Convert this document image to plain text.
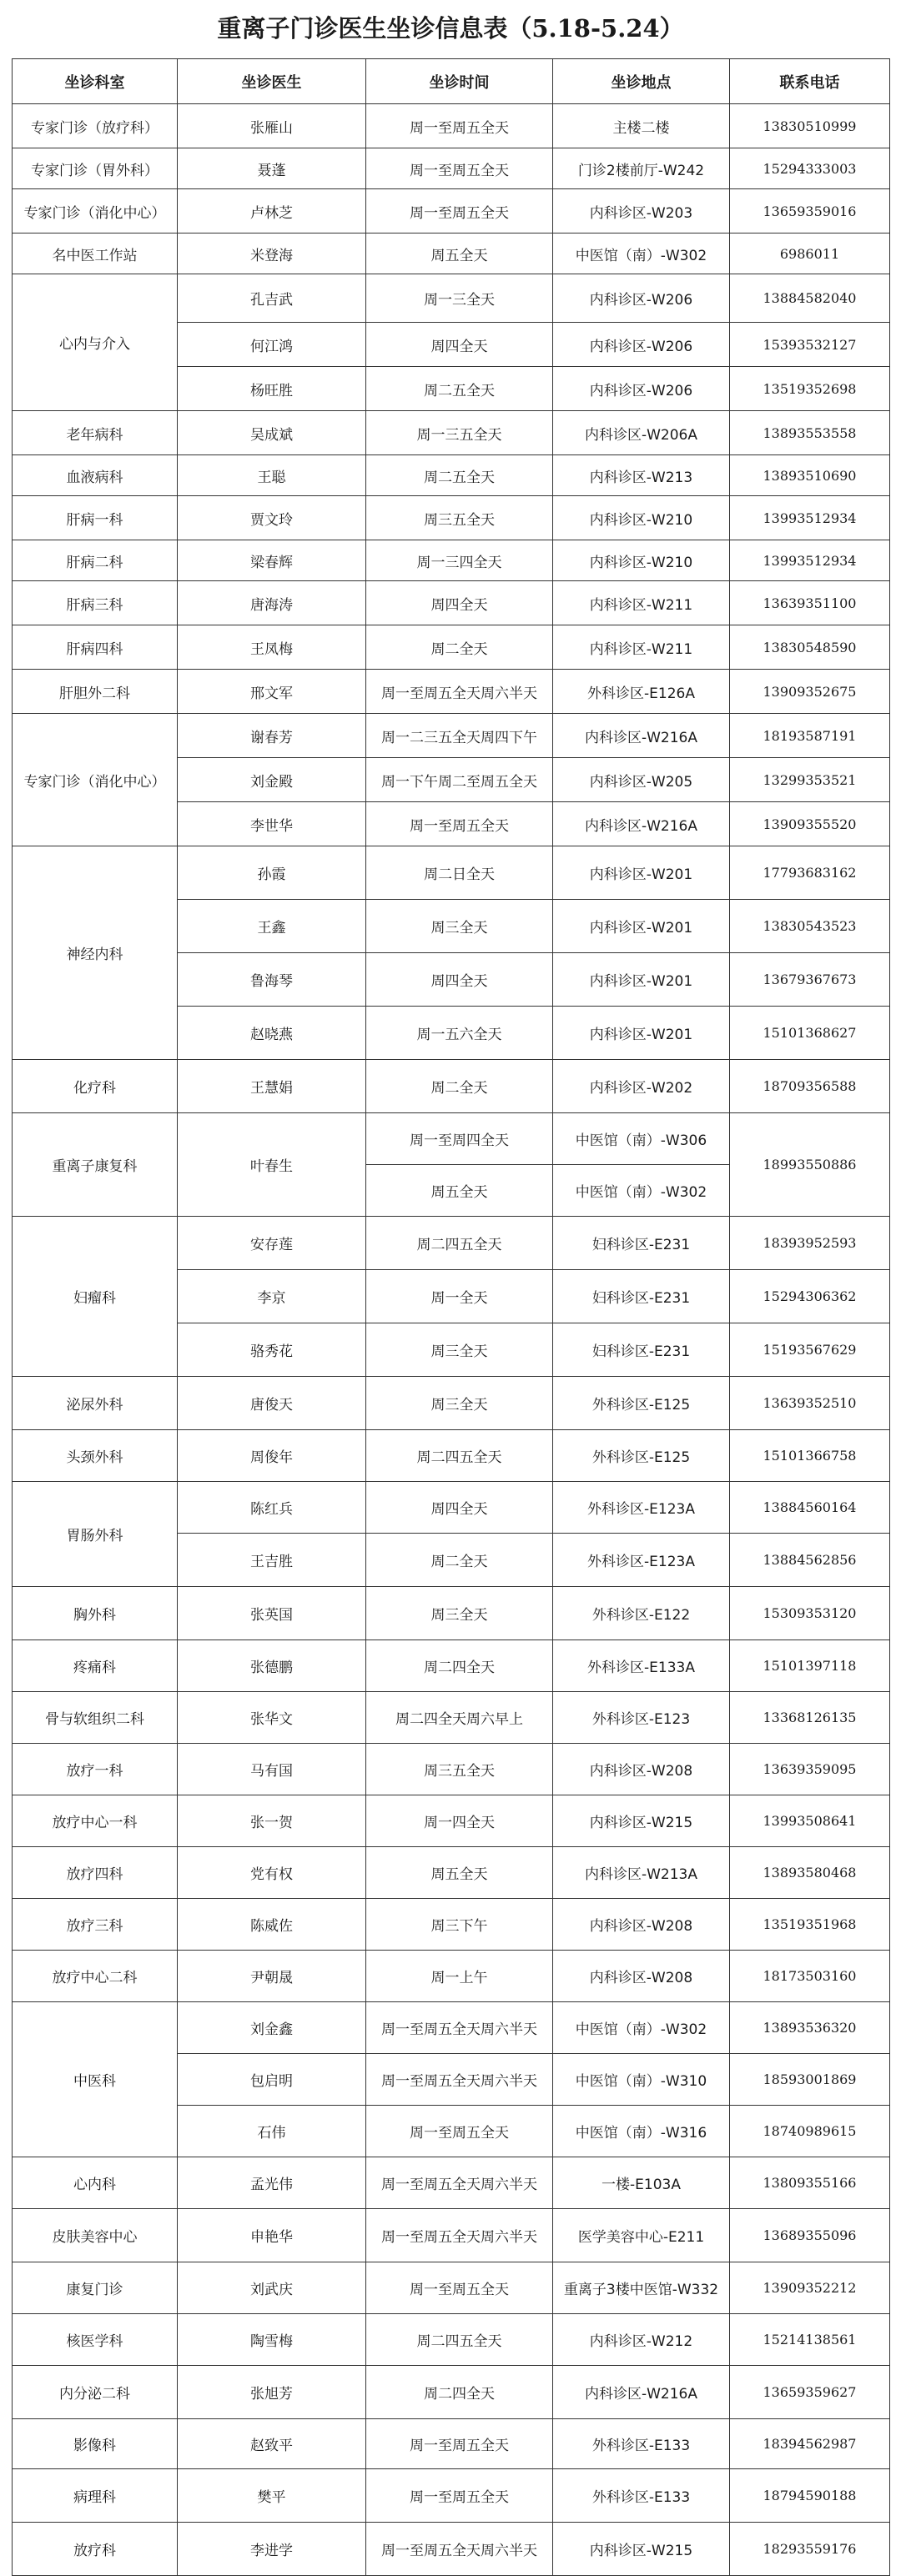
重离子门诊医生坐诊信息表（5.18-5.24）
坐诊科室	坐诊医生	坐诊时间	坐诊地点	联系电话
专家门诊（放疗科）	张雁山	周一至周五全天	主楼二楼	13830510999
专家门诊（胃外科）	聂蓬	周一至周五全天	门诊2楼前厅-W242	15294333003
专家门诊（消化中心）	卢林芝	周一至周五全天	内科诊区-W203	13659359016
名中医工作站	米登海	周五全天	中医馆（南）-W302	6986011
心内与介入	孔吉武	周一三全天	内科诊区-W206	13884582040
	何江鸿	周四全天	内科诊区-W206	15393532127
	杨旺胜	周二五全天	内科诊区-W206	13519352698
老年病科	吴成斌	周一三五全天	内科诊区-W206A	13893553558
血液病科	王聪	周二五全天	内科诊区-W213	13893510690
肝病一科	贾文玲	周三五全天	内科诊区-W210	13993512934
肝病二科	梁春辉	周一三四全天	内科诊区-W210	13993512934
肝病三科	唐海涛	周四全天	内科诊区-W211	13639351100
肝病四科	王凤梅	周二全天	内科诊区-W211	13830548590
肝胆外二科	邢文军	周一至周五全天周六半天	外科诊区-E126A	13909352675
专家门诊（消化中心）	谢春芳	周一二三五全天周四下午	内科诊区-W216A	18193587191
	刘金殿	周一下午周二至周五全天	内科诊区-W205	13299353521
	李世华	周一至周五全天	内科诊区-W216A	13909355520
神经内科	孙霞	周二日全天	内科诊区-W201	17793683162
	王鑫	周三全天	内科诊区-W201	13830543523
	鲁海琴	周四全天	内科诊区-W201	13679367673
	赵晓燕	周一五六全天	内科诊区-W201	15101368627
化疗科	王慧娟	周二全天	内科诊区-W202	18709356588
重离子康复科	叶春生	周一至周四全天	中医馆（南）-W306	18993550886
		周五全天	中医馆（南）-W302	
妇瘤科	安存莲	周二四五全天	妇科诊区-E231	18393952593
	李京	周一全天	妇科诊区-E231	15294306362
	骆秀花	周三全天	妇科诊区-E231	15193567629
泌尿外科	唐俊天	周三全天	外科诊区-E125	13639352510
头颈外科	周俊年	周二四五全天	外科诊区-E125	15101366758
胃肠外科	陈红兵	周四全天	外科诊区-E123A	13884560164
	王吉胜	周二全天	外科诊区-E123A	13884562856
胸外科	张英国	周三全天	外科诊区-E122	15309353120
疼痛科	张德鹏	周二四全天	外科诊区-E133A	15101397118
骨与软组织二科	张华文	周二四全天周六早上	外科诊区-E123	13368126135
放疗一科	马有国	周三五全天	内科诊区-W208	13639359095
放疗中心一科	张一贺	周一四全天	内科诊区-W215	13993508641
放疗四科	党有权	周五全天	内科诊区-W213A	13893580468
放疗三科	陈威佐	周三下午	内科诊区-W208	13519351968
放疗中心二科	尹朝晟	周一上午	内科诊区-W208	18173503160
中医科	刘金鑫	周一至周五全天周六半天	中医馆（南）-W302	13893536320
	包启明	周一至周五全天周六半天	中医馆（南）-W310	18593001869
	石伟	周一至周五全天	中医馆（南）-W316	18740989615
心内科	孟光伟	周一至周五全天周六半天	一楼-E103A	13809355166
皮肤美容中心	申艳华	周一至周五全天周六半天	医学美容中心-E211	13689355096
康复门诊	刘武庆	周一至周五全天	重离子3楼中医馆-W332	13909352212
核医学科	陶雪梅	周二四五全天	内科诊区-W212	15214138561
内分泌二科	张旭芳	周二四全天	内科诊区-W216A	13659359627
影像科	赵致平	周一至周五全天	外科诊区-E133	18394562987
病理科	樊平	周一至周五全天	外科诊区-E133	18794590188
放疗科	李进学	周一至周五全天周六半天	内科诊区-W215	18293559176
